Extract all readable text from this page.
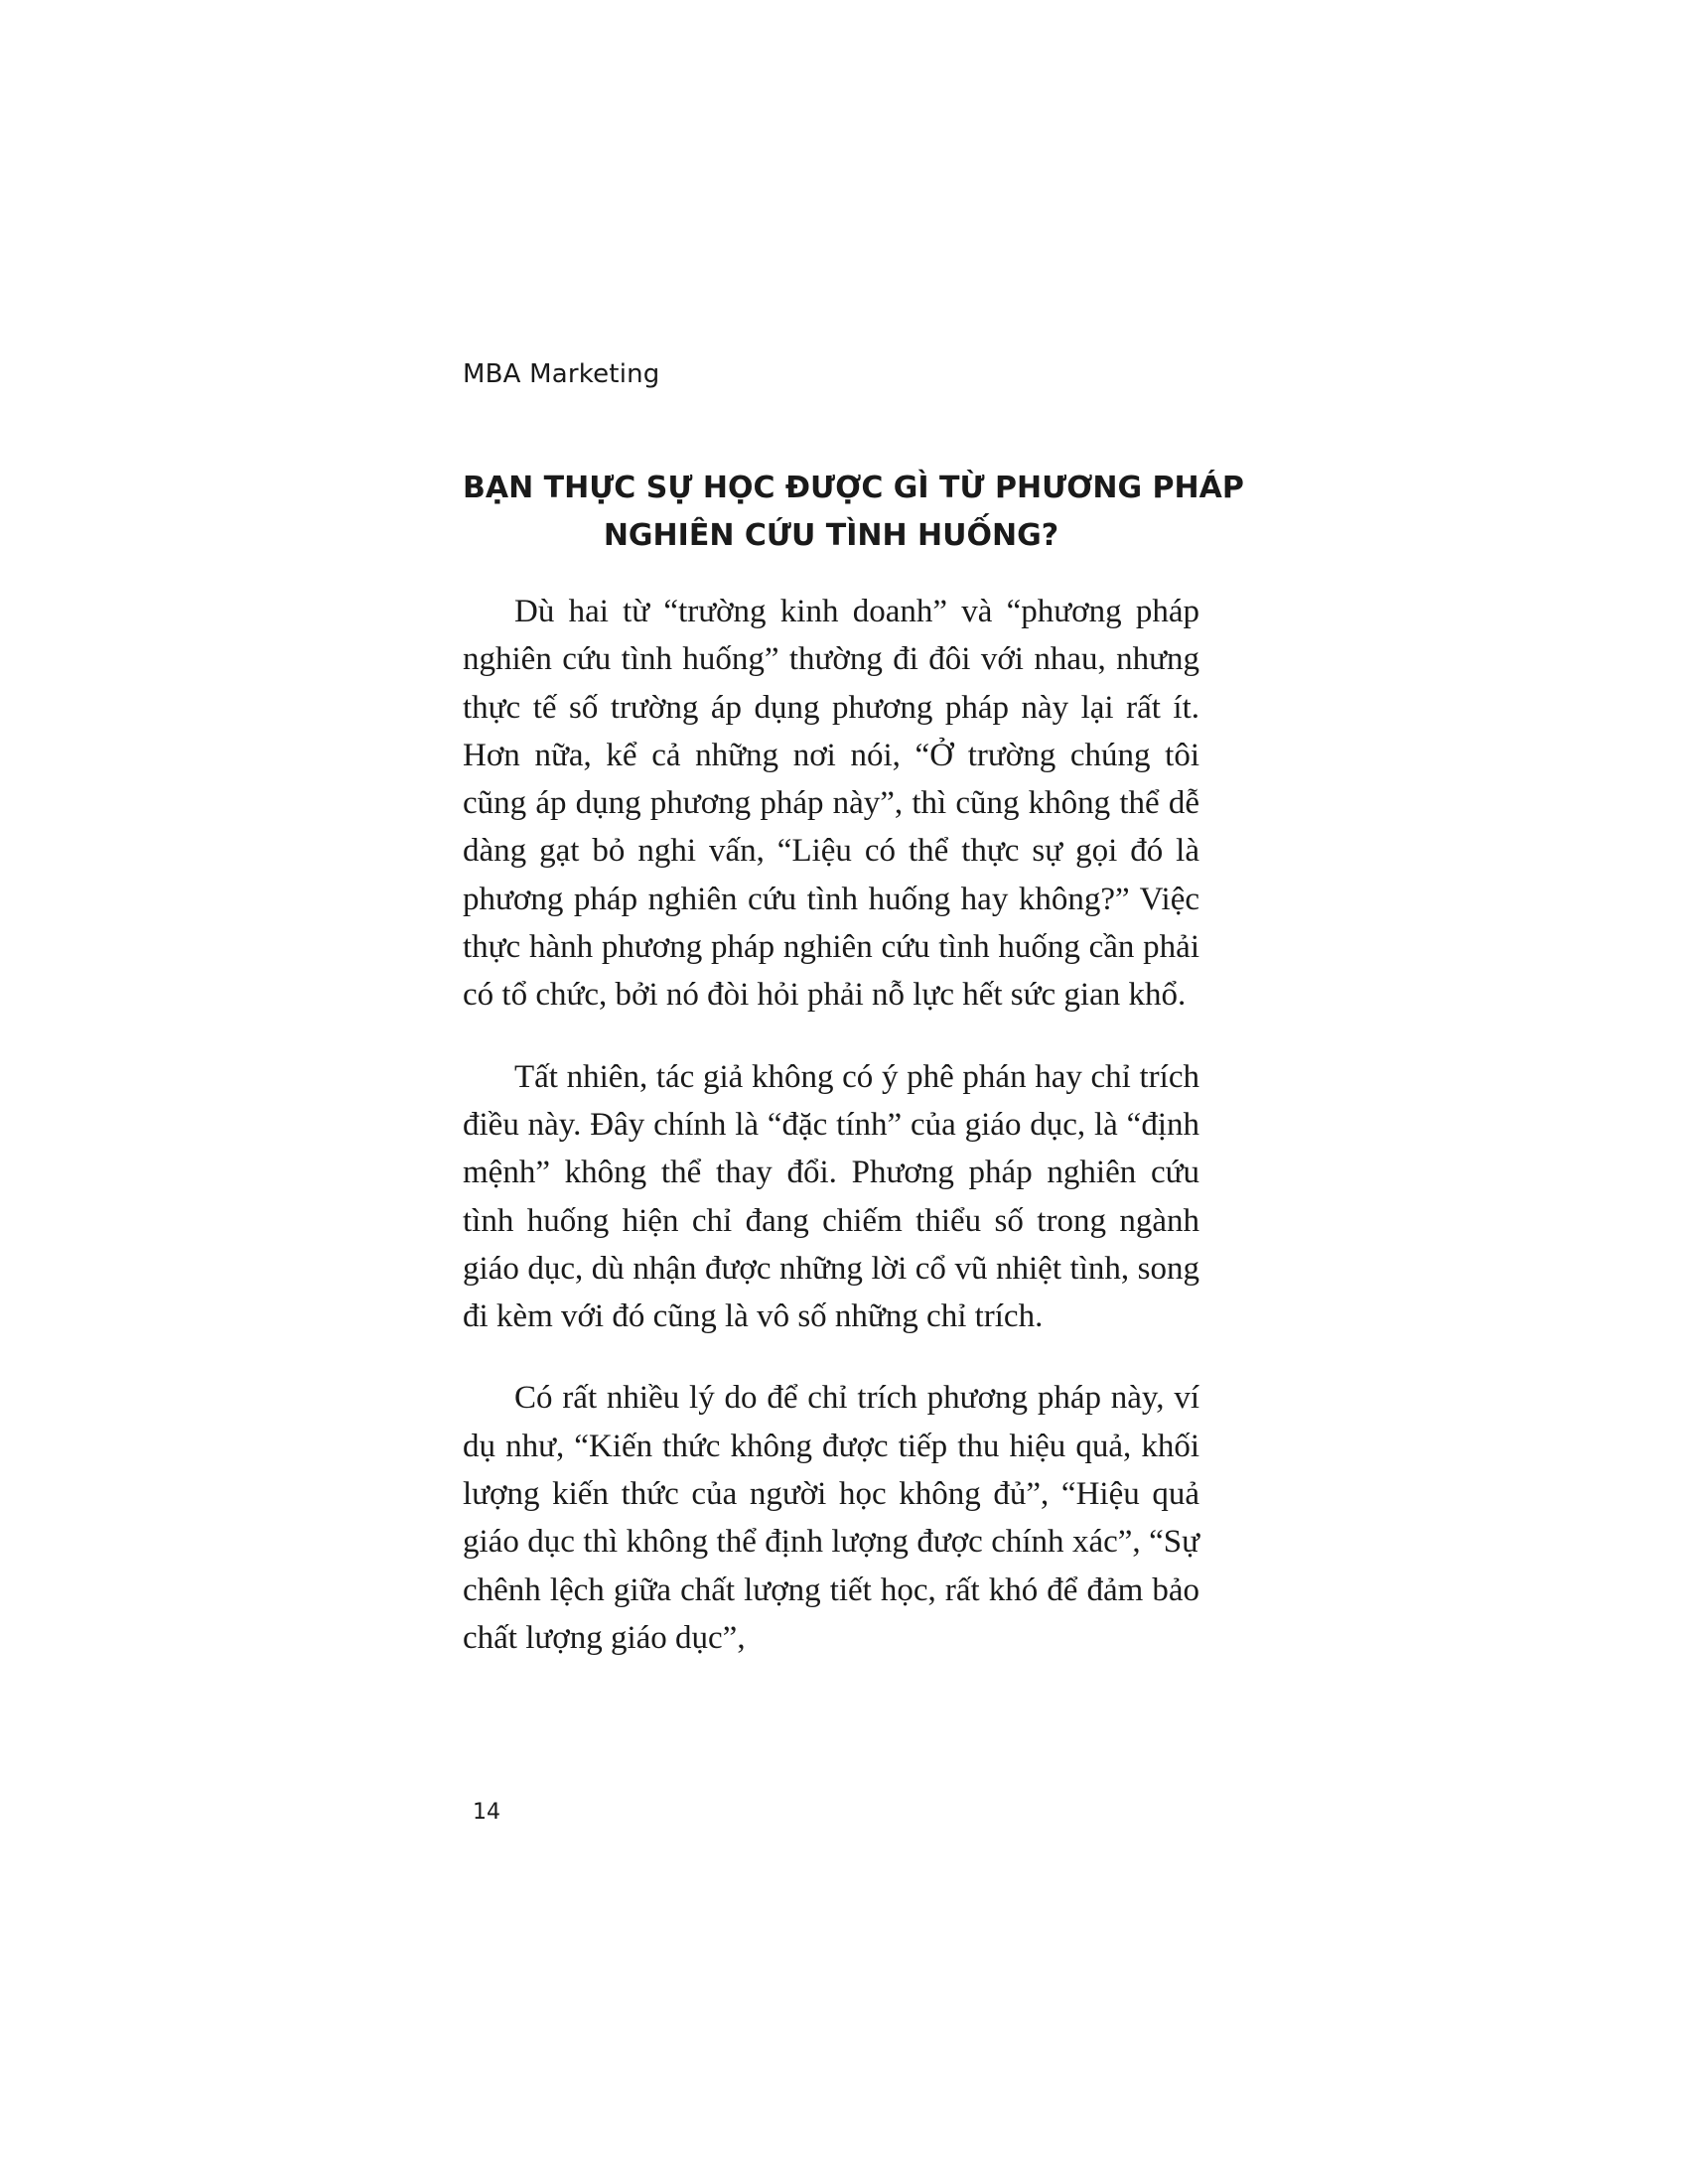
MBA Marketing
BẠN THỰC SỰ HỌC ĐƯỢC GÌ TỪ PHƯƠNG PHÁP
NGHIÊN CỨU TÌNH HUỐNG?

Dù hai từ “trường kinh doanh” và “phương pháp nghiên cứu tình huống” thường đi đôi với nhau, nhưng thực tế số trường áp dụng phương pháp này lại rất ít. Hơn nữa, kể cả những nơi nói, “Ở trường chúng tôi cũng áp dụng phương pháp này”, thì cũng không thể dễ dàng gạt bỏ nghi vấn, “Liệu có thể thực sự gọi đó là phương pháp nghiên cứu tình huống hay không?” Việc thực hành phương pháp nghiên cứu tình huống cần phải có tổ chức, bởi nó đòi hỏi phải nỗ lực hết sức gian khổ.

Tất nhiên, tác giả không có ý phê phán hay chỉ trích điều này. Đây chính là “đặc tính” của giáo dục, là “định mệnh” không thể thay đổi. Phương pháp nghiên cứu tình huống hiện chỉ đang chiếm thiểu số trong ngành giáo dục, dù nhận được những lời cổ vũ nhiệt tình, song đi kèm với đó cũng là vô số những chỉ trích.

Có rất nhiều lý do để chỉ trích phương pháp này, ví dụ như, “Kiến thức không được tiếp thu hiệu quả, khối lượng kiến thức của người học không đủ”, “Hiệu quả giáo dục thì không thể định lượng được chính xác”, “Sự chênh lệch giữa chất lượng tiết học, rất khó để đảm bảo chất lượng giáo dục”,

14
